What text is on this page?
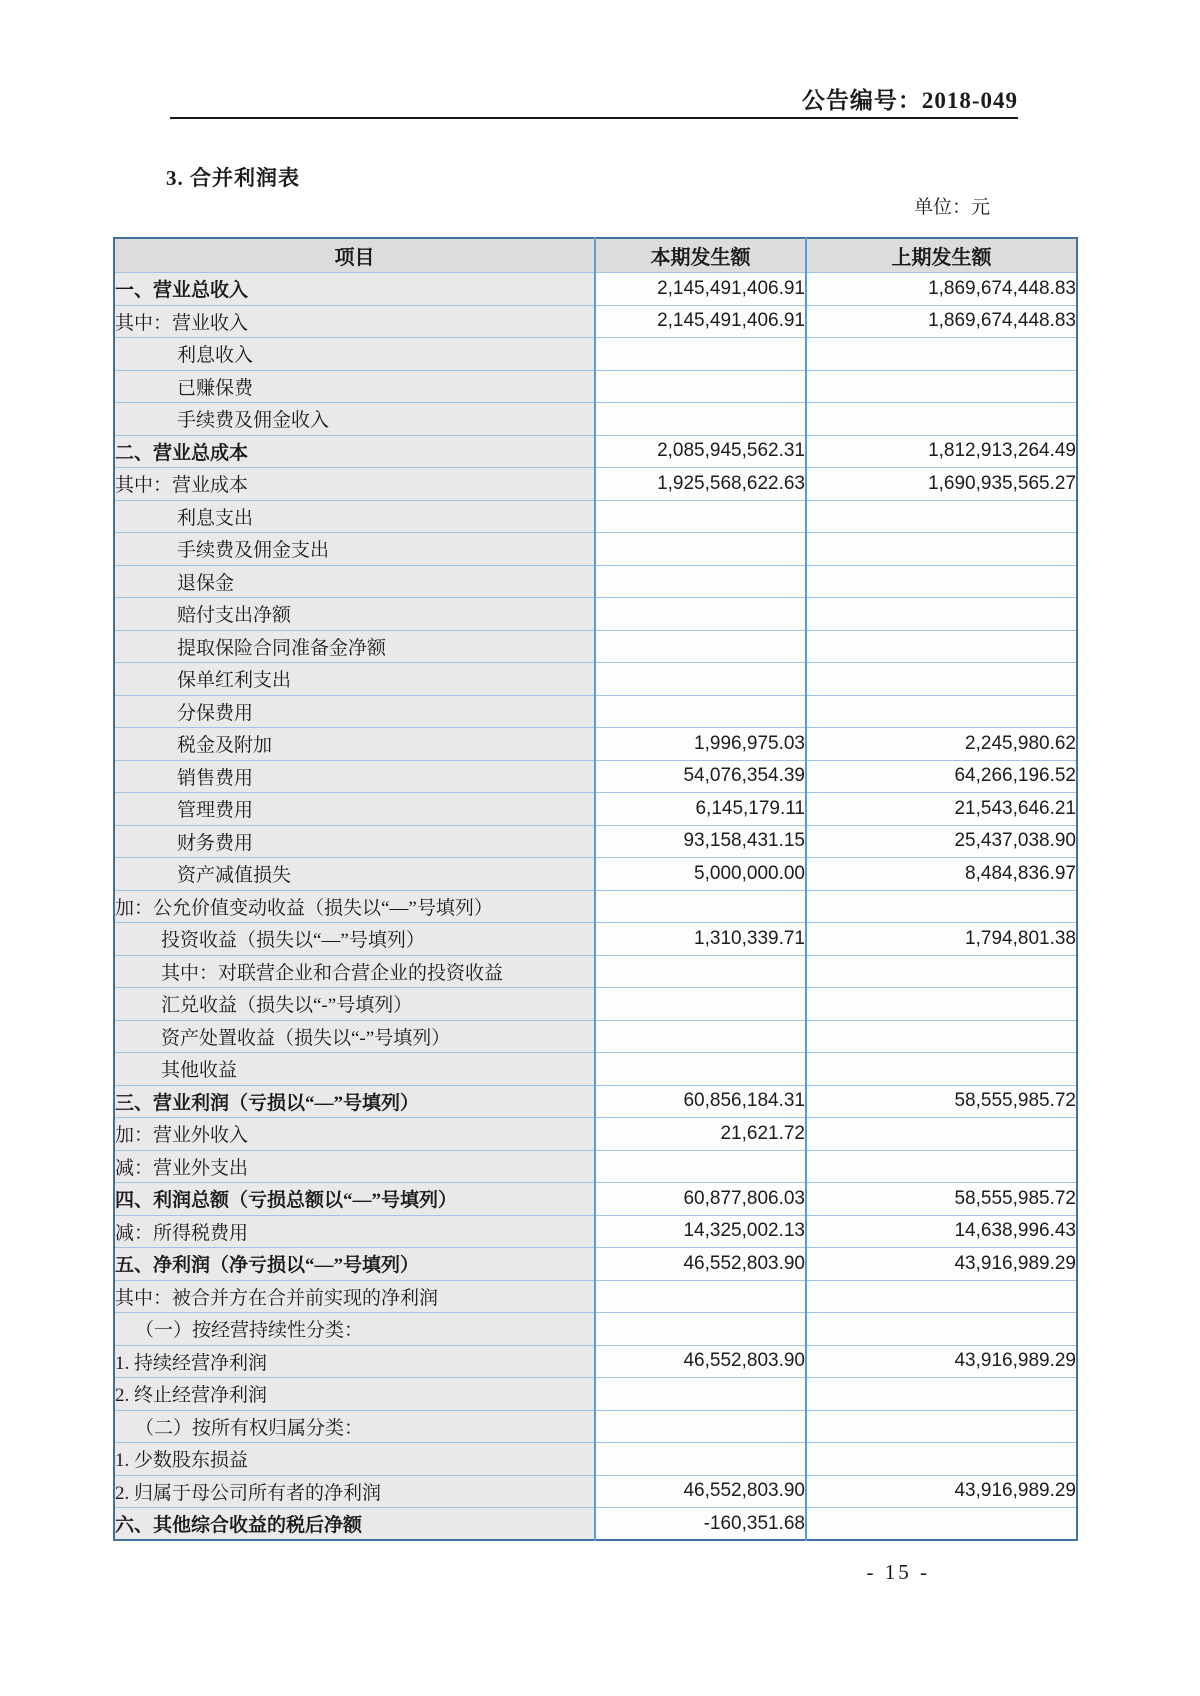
公告编号：2018-049
3. 合并利润表
单位：元
项目	本期发生额	上期发生额
一、营业总收入	2,145,491,406.91	1,869,674,448.83
其中：营业收入	2,145,491,406.91	1,869,674,448.83
利息收入		
已赚保费		
手续费及佣金收入		
二、营业总成本	2,085,945,562.31	1,812,913,264.49
其中：营业成本	1,925,568,622.63	1,690,935,565.27
利息支出		
手续费及佣金支出		
退保金		
赔付支出净额		
提取保险合同准备金净额		
保单红利支出		
分保费用		
税金及附加	1,996,975.03	2,245,980.62
销售费用	54,076,354.39	64,266,196.52
管理费用	6,145,179.11	21,543,646.21
财务费用	93,158,431.15	25,437,038.90
资产减值损失	5,000,000.00	8,484,836.97
加：公允价值变动收益（损失以“—”号填列）		
投资收益（损失以“—”号填列）	1,310,339.71	1,794,801.38
其中：对联营企业和合营企业的投资收益		
汇兑收益（损失以“-”号填列）		
资产处置收益（损失以“-”号填列）		
其他收益		
三、营业利润（亏损以“—”号填列）	60,856,184.31	58,555,985.72
加：营业外收入	21,621.72	
减：营业外支出		
四、利润总额（亏损总额以“—”号填列）	60,877,806.03	58,555,985.72
减：所得税费用	14,325,002.13	14,638,996.43
五、净利润（净亏损以“—”号填列）	46,552,803.90	43,916,989.29
其中：被合并方在合并前实现的净利润		
（一）按经营持续性分类：		
1. 持续经营净利润	46,552,803.90	43,916,989.29
2. 终止经营净利润		
（二）按所有权归属分类：		
1. 少数股东损益		
2. 归属于母公司所有者的净利润	46,552,803.90	43,916,989.29
六、其他综合收益的税后净额	-160,351.68	
- 15 -
